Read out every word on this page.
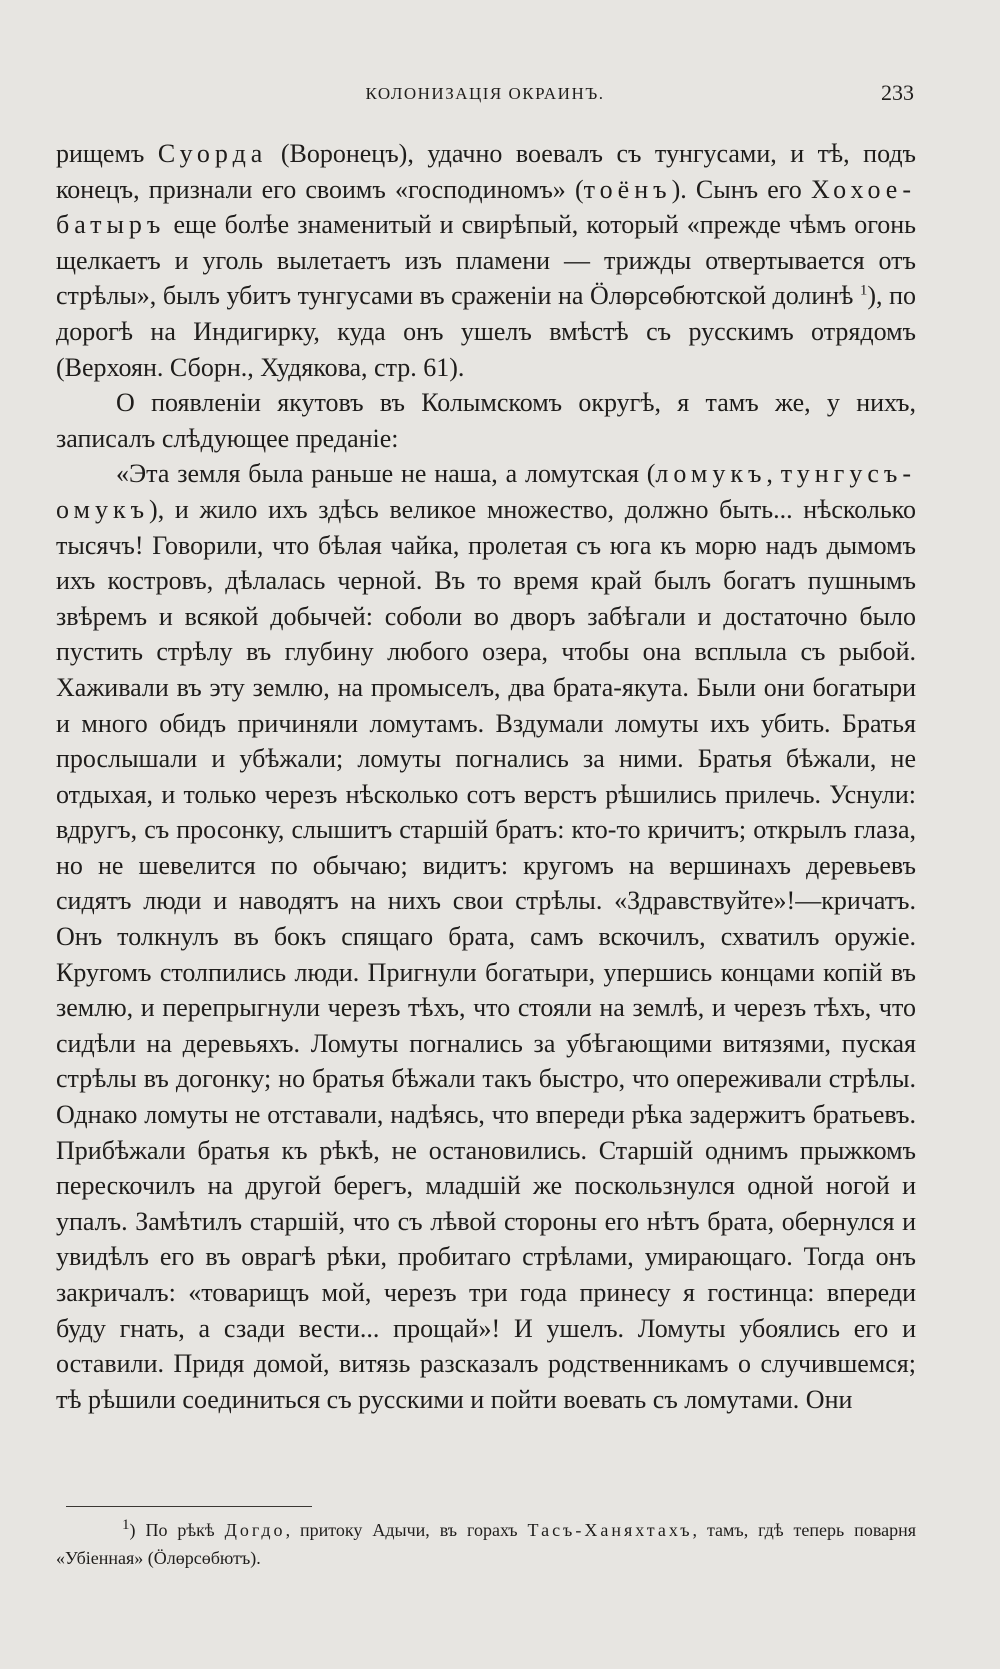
КОЛОНИЗАЦІЯ ОКРАИНЪ.	233

рищемъ Суорда (Воронецъ), удачно воевалъ съ тунгусами, и тѣ, подъ конецъ, признали его своимъ «господиномъ» (тоёнъ). Сынъ его Хохое-батыръ еще болѣе знаменитый и свирѣпый, который «прежде чѣмъ огонь щелкаетъ и уголь вылетаетъ изъ пламени — трижды отвертывается отъ стрѣлы», былъ убитъ тунгусами въ сраженіи на Ӧлөрсөбютской долинѣ $^1$), по дорогѣ на Индигирку, куда онъ ушелъ вмѣстѣ съ русскимъ отрядомъ (Верхоян. Сборн., Худякова, стр. 61).

О появленіи якутовъ въ Колымскомъ округѣ, я тамъ же, у нихъ, записалъ слѣдующее преданіе:

«Эта земля была раньше не наша, а ломутская (ломукъ, тунгусъ-омукъ), и жило ихъ здѣсь великое множество, должно быть... нѣсколько тысячъ! Говорили, что бѣлая чайка, пролетая съ юга къ морю надъ дымомъ ихъ костровъ, дѣлалась черной. Въ то время край былъ богатъ пушнымъ звѣремъ и всякой добычей: соболи во дворъ забѣгали и достаточно было пустить стрѣлу въ глубину любого озера, чтобы она всплыла съ рыбой. Хаживали въ эту землю, на промыселъ, два брата-якута. Были они богатыри и много обидъ причиняли ломутамъ. Вздумали ломуты ихъ убить. Братья прослышали и убѣжали; ломуты погнались за ними. Братья бѣжали, не отдыхая, и только черезъ нѣсколько сотъ верстъ рѣшились прилечь. Уснули: вдругъ, съ просонку, слышитъ старшій братъ: кто-то кричитъ; открылъ глаза, но не шевелится по обычаю; видитъ: кругомъ на вершинахъ деревьевъ сидятъ люди и наводятъ на нихъ свои стрѣлы. «Здравствуйте»!—кричатъ. Онъ толкнулъ въ бокъ спящаго брата, самъ вскочилъ, схватилъ оружіе. Кругомъ столпились люди. Пригнули богатыри, упершись концами копій въ землю, и перепрыгнули черезъ тѣхъ, что стояли на землѣ, и черезъ тѣхъ, что сидѣли на деревьяхъ. Ломуты погнались за убѣгающими витязями, пуская стрѣлы въ догонку; но братья бѣжали такъ быстро, что опереживали стрѣлы. Однако ломуты не отставали, надѣясь, что впереди рѣка задержитъ братьевъ. Прибѣжали братья къ рѣкѣ, не остановились. Старшій однимъ прыжкомъ перескочилъ на другой берегъ, младшій же поскользнулся одной ногой и упалъ. Замѣтилъ старшій, что съ лѣвой стороны его нѣтъ брата, обернулся и увидѣлъ его въ оврагѣ рѣки, пробитаго стрѣлами, умирающаго. Тогда онъ закричалъ: «товарищъ мой, черезъ три года принесу я гостинца: впереди буду гнать, а сзади вести... прощай»! И ушелъ. Ломуты убоялись его и оставили. Придя домой, витязь разсказалъ родственникамъ о случившемся; тѣ рѣшили соединиться съ русскими и пойти воевать съ ломутами. Они

$^1$) По рѣкѣ Догдо, притоку Адычи, въ горахъ Тасъ-Ханяхтахъ, тамъ, гдѣ теперь поварня «Убіенная» (Ӧлөрсөбютъ).
